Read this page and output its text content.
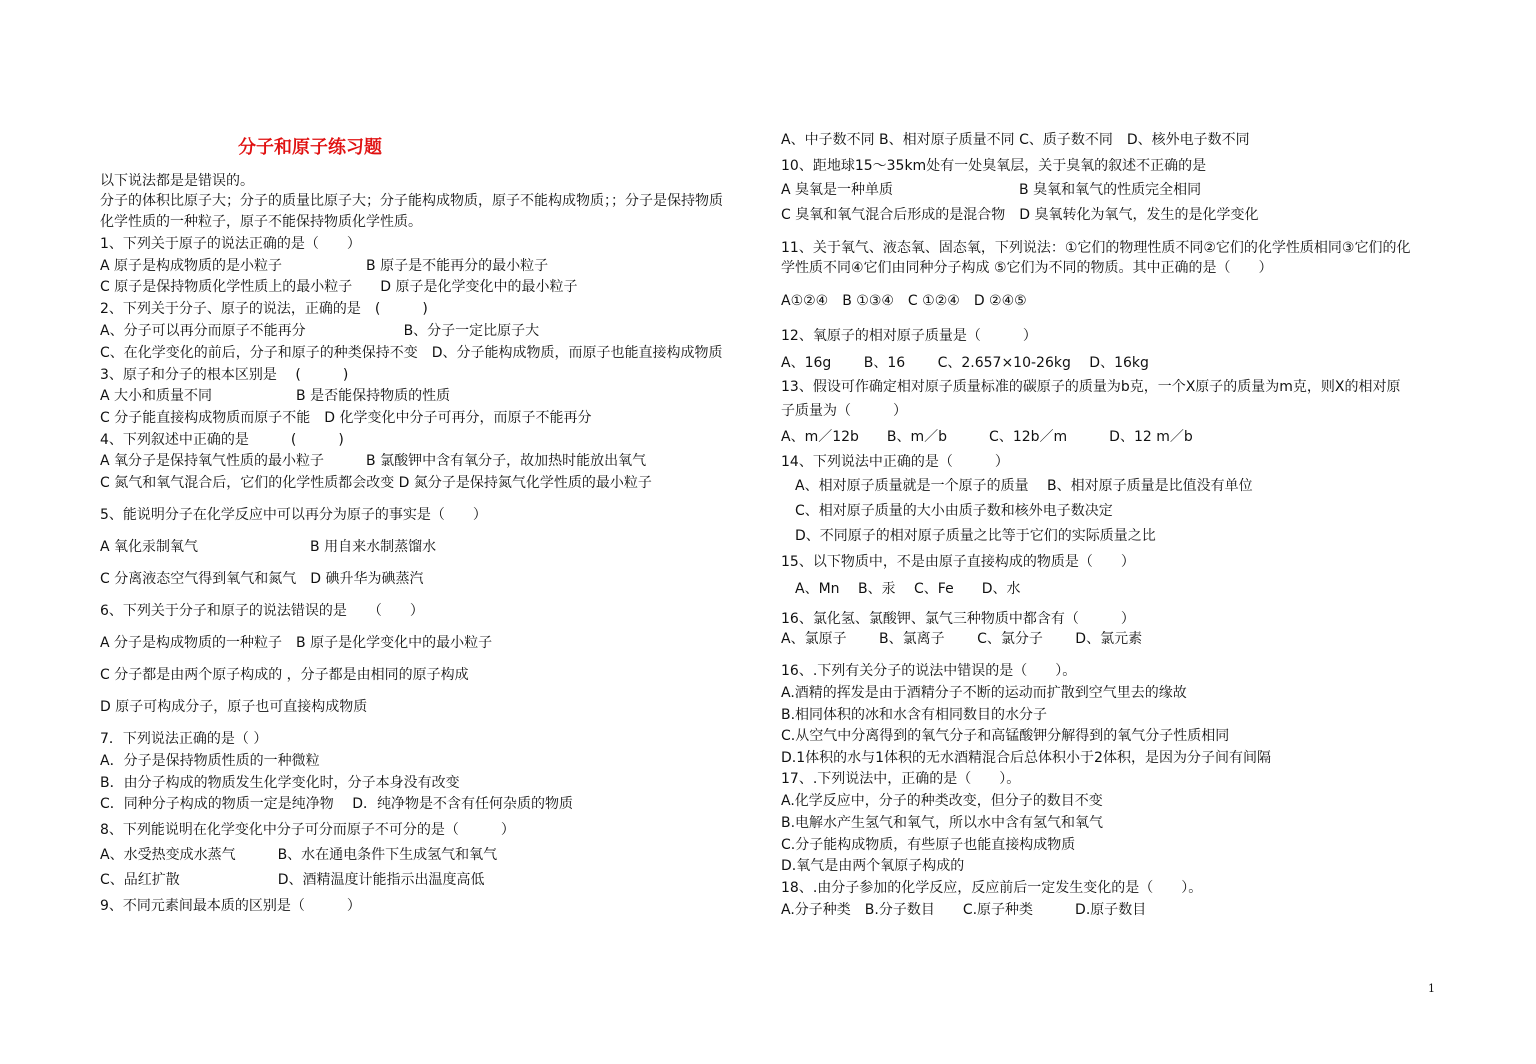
分子和原子练习题
以下说法都是是错误的。
分子的体积比原子大；分子的质量比原子大；分子能构成物质，原子不能构成物质；；分子是保持物质
化学性质的一种粒子，原子不能保持物质化学性质。
1、下列关于原子的说法正确的是（　　）
A 原子是构成物质的是小粒子　　　　　　B 原子是不能再分的最小粒子
C 原子是保持物质化学性质上的最小粒子　　D 原子是化学变化中的最小粒子
2、下列关于分子、原子的说法，正确的是　(　　　)
A、分子可以再分而原子不能再分　　　　　　　B、分子一定比原子大
C、在化学变化的前后，分子和原子的种类保持不变　D、分子能构成物质，而原子也能直接构成物质
3、原子和分子的根本区别是　 (　　　)
A 大小和质量不同　　　　　　B 是否能保持物质的性质
C 分子能直接构成物质而原子不能　D 化学变化中分子可再分，而原子不能再分
4、下列叙述中正确的是　　　(　　　)
A 氧分子是保持氧气性质的最小粒子　　　B 氯酸钾中含有氧分子，故加热时能放出氧气
C 氮气和氧气混合后，它们的化学性质都会改变 D 氮分子是保持氮气化学性质的最小粒子
5、能说明分子在化学反应中可以再分为原子的事实是（　　）
A 氧化汞制氧气　　　　　　　　B 用自来水制蒸馏水
C 分离液态空气得到氧气和氮气　D 碘升华为碘蒸汽
6、下列关于分子和原子的说法错误的是　　（　　）
A 分子是构成物质的一种粒子　B 原子是化学变化中的最小粒子
C 分子都是由两个原子构成的 ，分子都是由相同的原子构成
D 原子可构成分子，原子也可直接构成物质
7．下列说法正确的是（ ）
A．分子是保持物质性质的一种微粒
B．由分子构成的物质发生化学变化时，分子本身没有改变
C．同种分子构成的物质一定是纯净物　 D．纯净物是不含有任何杂质的物质
8、下列能说明在化学变化中分子可分而原子不可分的是（　　　）
A、水受热变成水蒸气　　　B、水在通电条件下生成氢气和氧气
C、品红扩散　　　　　　　D、酒精温度计能指示出温度高低
9、不同元素间最本质的区别是（　　　）
A、中子数不同 B、相对原子质量不同 C、质子数不同　D、核外电子数不同
10、距地球15～35km处有一处臭氧层，关于臭氧的叙述不正确的是
A 臭氧是一种单质　　　　　　　　　B 臭氧和氧气的性质完全相同
C 臭氧和氧气混合后形成的是混合物　D 臭氧转化为氧气，发生的是化学变化
11、关于氧气、液态氧、固态氧，下列说法：①它们的物理性质不同②它们的化学性质相同③它们的化
学性质不同④它们由同种分子构成 ⑤它们为不同的物质。其中正确的是（　　）
A①②④　B ①③④　C ①②④　D ②④⑤
12、氧原子的相对原子质量是（　　　）
A、16g　　 B、16　　 C、2.657×10-26kg　 D、16kg
13、假设可作确定相对原子质量标准的碳原子的质量为b克，一个X原子的质量为m克，则X的相对原
子质量为（　　　）
A、m／12b　　B、m／b　　　C、12b／m　　　D、12 m／b
14、下列说法中正确的是（　　　）
　A、相对原子质量就是一个原子的质量　 B、相对原子质量是比值没有单位
　C、相对原子质量的大小由质子数和核外电子数决定
　D、不同原子的相对原子质量之比等于它们的实际质量之比
15、以下物质中，不是由原子直接构成的物质是（　　）
　A、Mn　 B、汞　 C、Fe　　D、水
16、氯化氢、氯酸钾、氯气三种物质中都含有（　　　）
A、氯原子　　 B、氯离子　　 C、氯分子　　 D、氯元素
16、.下列有关分子的说法中错误的是（　　）。
A.酒精的挥发是由于酒精分子不断的运动而扩散到空气里去的缘故
B.相同体积的冰和水含有相同数目的水分子
C.从空气中分离得到的氧气分子和高锰酸钾分解得到的氧气分子性质相同
D.1体积的水与1体积的无水酒精混合后总体积小于2体积，是因为分子间有间隔
17、.下列说法中，正确的是（　　）。
A.化学反应中，分子的种类改变，但分子的数目不变
B.电解水产生氢气和氧气，所以水中含有氢气和氧气
C.分子能构成物质，有些原子也能直接构成物质
D.氧气是由两个氧原子构成的
18、.由分子参加的化学反应，反应前后一定发生变化的是（　　）。
A.分子种类　B.分子数目　　C.原子种类　　　D.原子数目
1
